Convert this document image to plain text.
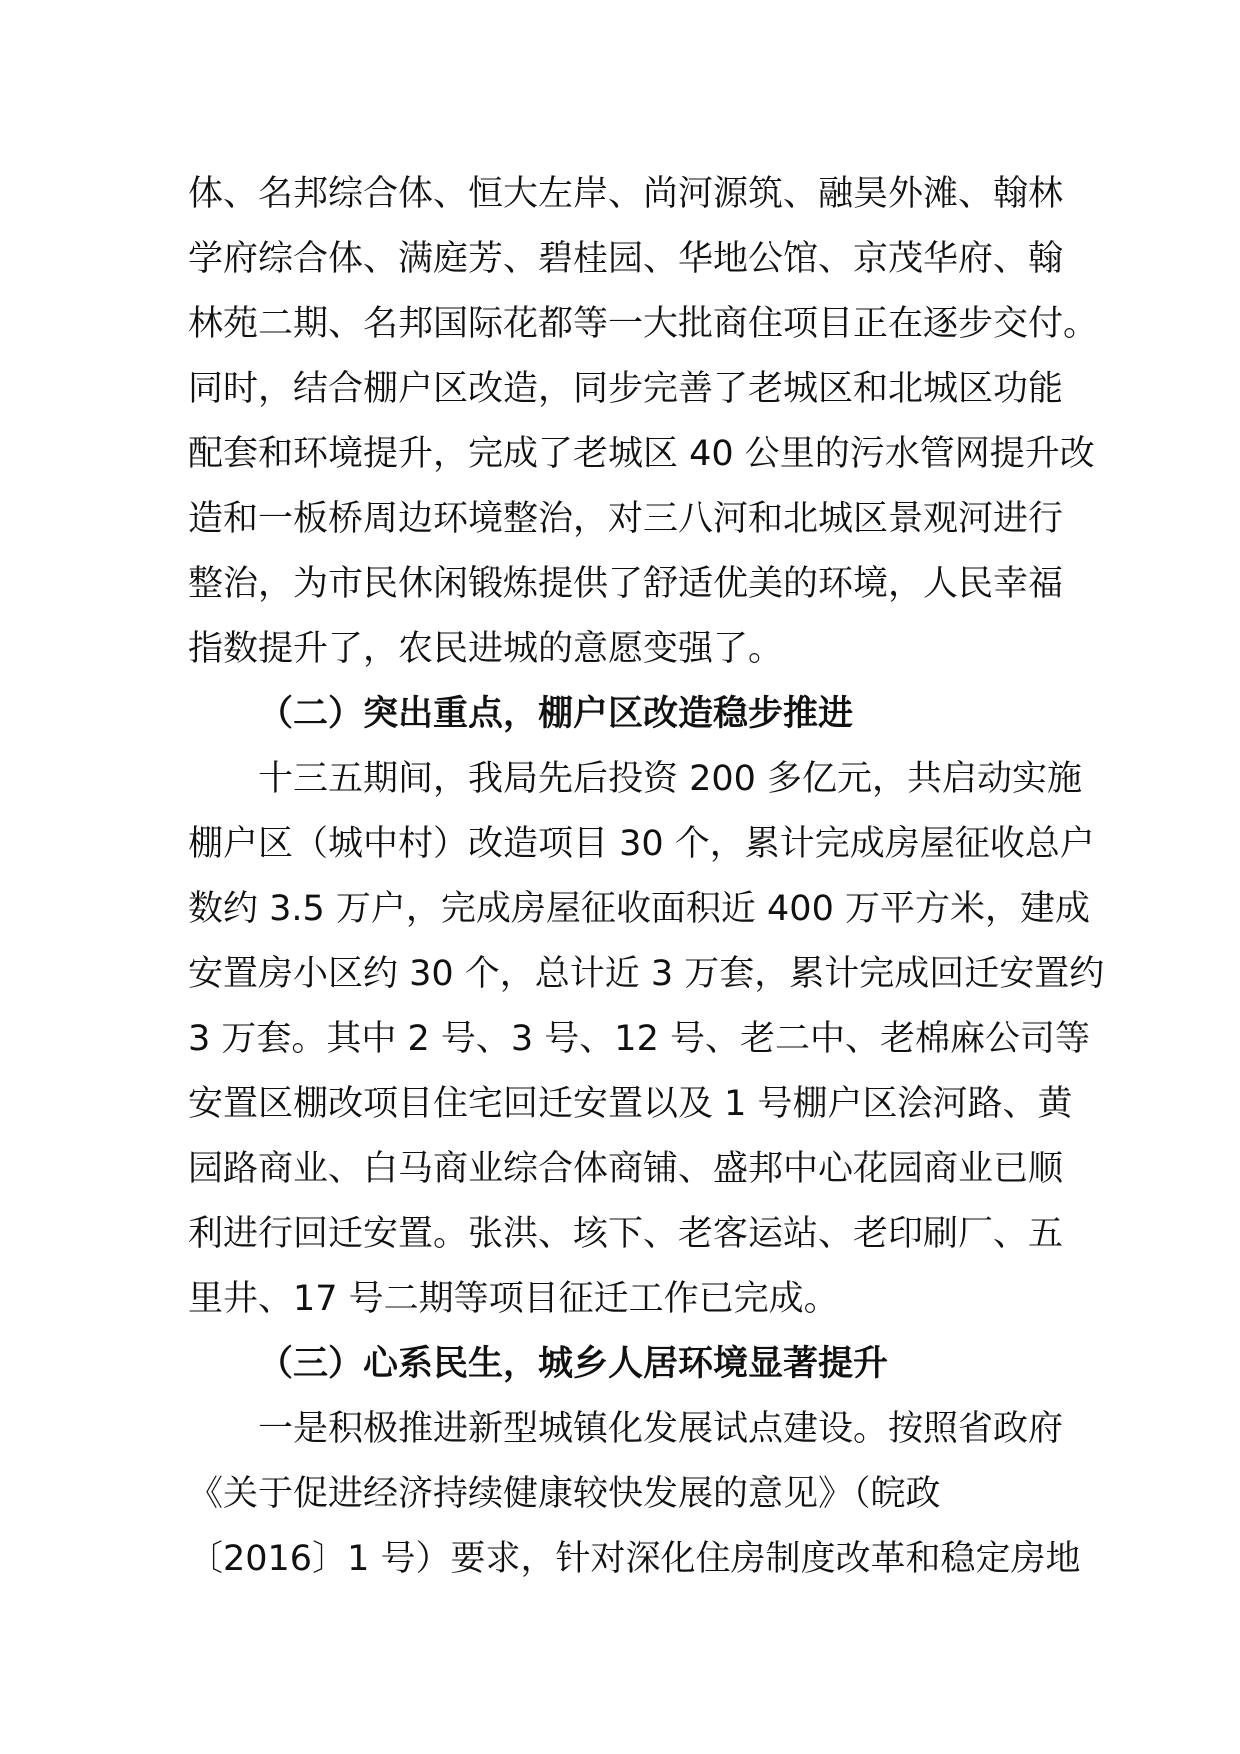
体、名邦综合体、恒大左岸、尚河源筑、融昊外滩、翰林
学府综合体、满庭芳、碧桂园、华地公馆、京茂华府、翰
林苑二期、名邦国际花都等一大批商住项目正在逐步交付。
同时，结合棚户区改造，同步完善了老城区和北城区功能
配套和环境提升，完成了老城区 40 公里的污水管网提升改
造和一板桥周边环境整治，对三八河和北城区景观河进行
整治，为市民休闲锻炼提供了舒适优美的环境，人民幸福
指数提升了，农民进城的意愿变强了。
（二）突出重点，棚户区改造稳步推进
十三五期间，我局先后投资 200 多亿元，共启动实施
棚户区（城中村）改造项目 30 个，累计完成房屋征收总户
数约 3.5 万户，完成房屋征收面积近 400 万平方米，建成
安置房小区约 30 个，总计近 3 万套，累计完成回迁安置约
3 万套。其中 2 号、3 号、12 号、老二中、老棉麻公司等
安置区棚改项目住宅回迁安置以及 1 号棚户区浍河路、黄
园路商业、白马商业综合体商铺、盛邦中心花园商业已顺
利进行回迁安置。张洪、垓下、老客运站、老印刷厂、五
里井、17 号二期等项目征迁工作已完成。
（三）心系民生，城乡人居环境显著提升
一是积极推进新型城镇化发展试点建设。按照省政府
《关于促进经济持续健康较快发展的意见》（皖政
〔2016〕1 号）要求，针对深化住房制度改革和稳定房地
